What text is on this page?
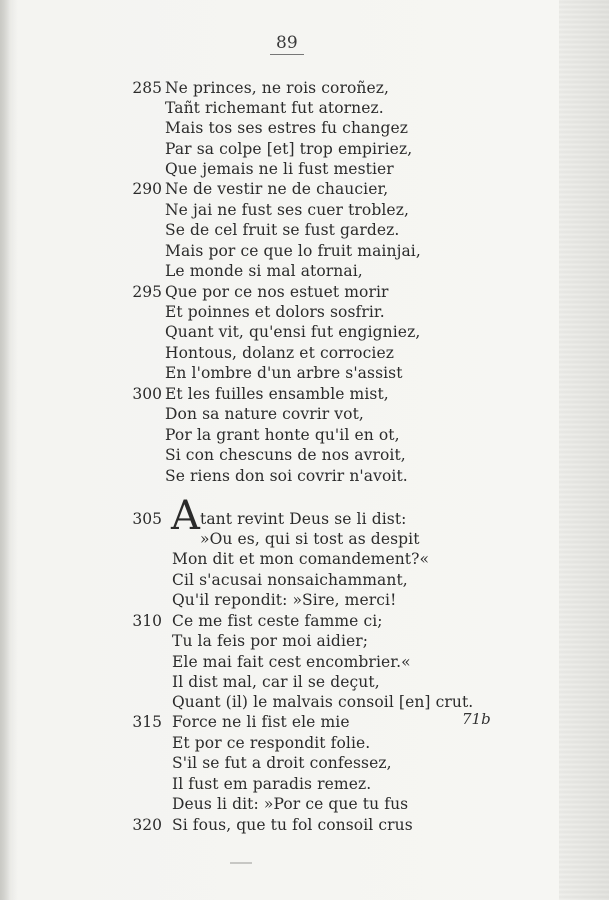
89
285
290
295
300
305
310
315
320
Ne princes, ne rois coroñez,
Tañt richemant fut atornez.
Mais tos ses estres fu changez
Par sa colpe [et] trop empiriez,
Que jemais ne li fust mestier
Ne de vestir ne de chaucier,
Ne jai ne fust ses cuer troblez,
Se de cel fruit se fust gardez.
Mais por ce que lo fruit mainjai,
Le monde si mal atornai,
Que por ce nos estuet morir
Et poinnes et dolors sosfrir.
Quant vit, qu'ensi fut engigniez,
Hontous, dolanz et corrociez
En l'ombre d'un arbre s'assist
Et les fuilles ensamble mist,
Don sa nature covrir vot,
Por la grant honte qu'il en ot,
Si con chescuns de nos avroit,
Se riens don soi covrir n'avoit.
A tant revint Deus se li dist:
»Ou es, qui si tost as despit
Mon dit et mon comandement?«
Cil s'acusai nonsaichammant,
Qu'il repondit: »Sire, merci!
Ce me fist ceste famme ci;
Tu la feis por moi aidier;
Ele mai fait cest encombrier.«
Il dist mal, car il se deçut,
Quant (il) le malvais consoil [en] crut.
Force ne li fist ele mie
Et por ce respondit folie.
S'il se fut a droit confessez,
Il fust em paradis remez.
Deus li dit: »Por ce que tu fus
Si fous, que tu fol consoil crus
71b
